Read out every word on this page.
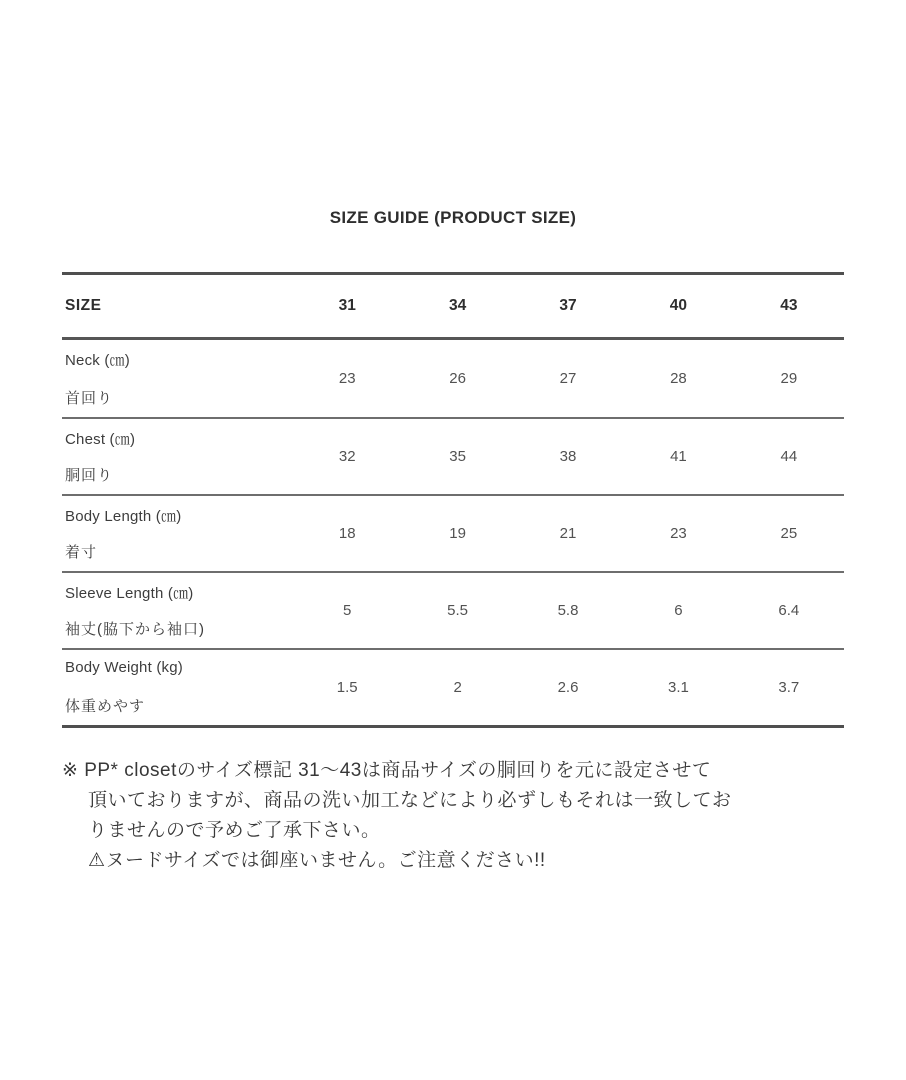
SIZE GUIDE (PRODUCT SIZE)
SIZE	31	34	37	40	43
Neck (㎝)
首回り
23	26	27	28	29
Chest (㎝)
胴回り
32	35	38	41	44
Body Length (㎝)
着寸
18	19	21	23	25
Sleeve Length (㎝)
袖丈(脇下から袖口)
5	5.5	5.8	6	6.4
Body Weight (kg)
体重めやす
1.5	2	2.6	3.1	3.7
※ PP* closetのサイズ標記 31〜43は商品サイズの胴回りを元に設定させて
頂いておりますが、商品の洗い加工などにより必ずしもそれは一致してお
りませんので予めご了承下さい。
⚠ヌードサイズでは御座いません。ご注意ください!!
